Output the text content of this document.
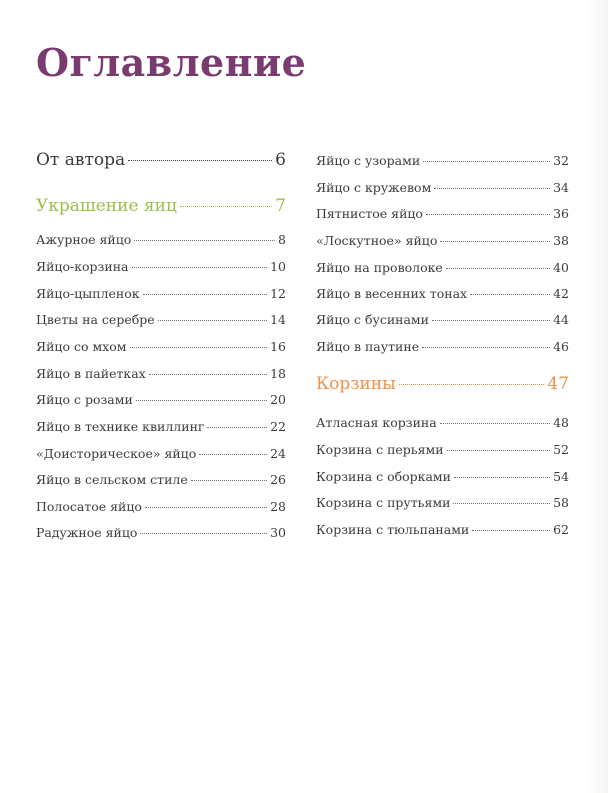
Оглавление
От автора	6
Украшение яиц	7
Ажурное яйцо	8
Яйцо-корзина	10
Яйцо-цыпленок	12
Цветы на серебре	14
Яйцо со мхом	16
Яйцо в пайетках	18
Яйцо с розами	20
Яйцо в технике квиллинг	22
«Доисторическое» яйцо	24
Яйцо в сельском стиле	26
Полосатое яйцо	28
Радужное яйцо	30
Яйцо с узорами	32
Яйцо с кружевом	34
Пятнистое яйцо	36
«Лоскутное» яйцо	38
Яйцо на проволоке	40
Яйцо в весенних тонах	42
Яйцо с бусинами	44
Яйцо в паутине	46
Корзины	47
Атласная корзина	48
Корзина с перьями	52
Корзина с оборками	54
Корзина с прутьями	58
Корзина с тюльпанами	62
